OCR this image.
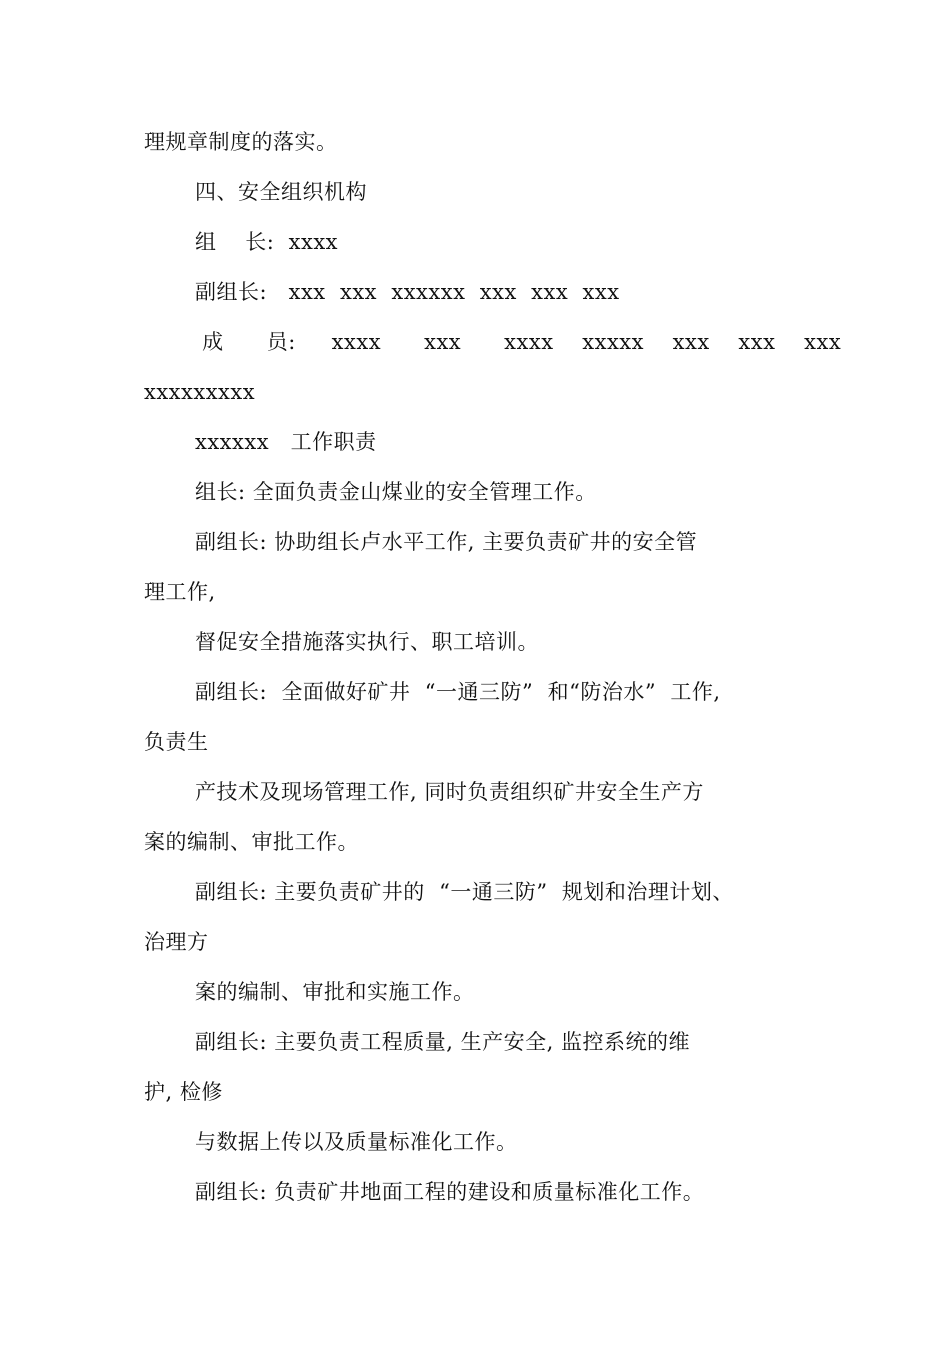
理规章制度的落实。
四、安全组织机构
组    长:  xxxx
副组长:   xxx  xxx  xxxxxx  xxx  xxx  xxx
成      员:     xxxx      xxx      xxxx    xxxxx    xxx    xxx    xxx
xxxxxxxxx
xxxxxx   工作职责
组长: 全面负责金山煤业的安全管理工作。
副组长: 协助组长卢水平工作, 主要负责矿井的安全管
理工作,
督促安全措施落实执行、职工培训。
副组长:  全面做好矿井  “一通三防”  和“防治水”  工作,
负责生
产技术及现场管理工作, 同时负责组织矿井安全生产方
案的编制、审批工作。
副组长: 主要负责矿井的  “一通三防”  规划和治理计划、
治理方
案的编制、审批和实施工作。
副组长: 主要负责工程质量, 生产安全, 监控系统的维
护, 检修
与数据上传以及质量标准化工作。
副组长: 负责矿井地面工程的建设和质量标准化工作。
